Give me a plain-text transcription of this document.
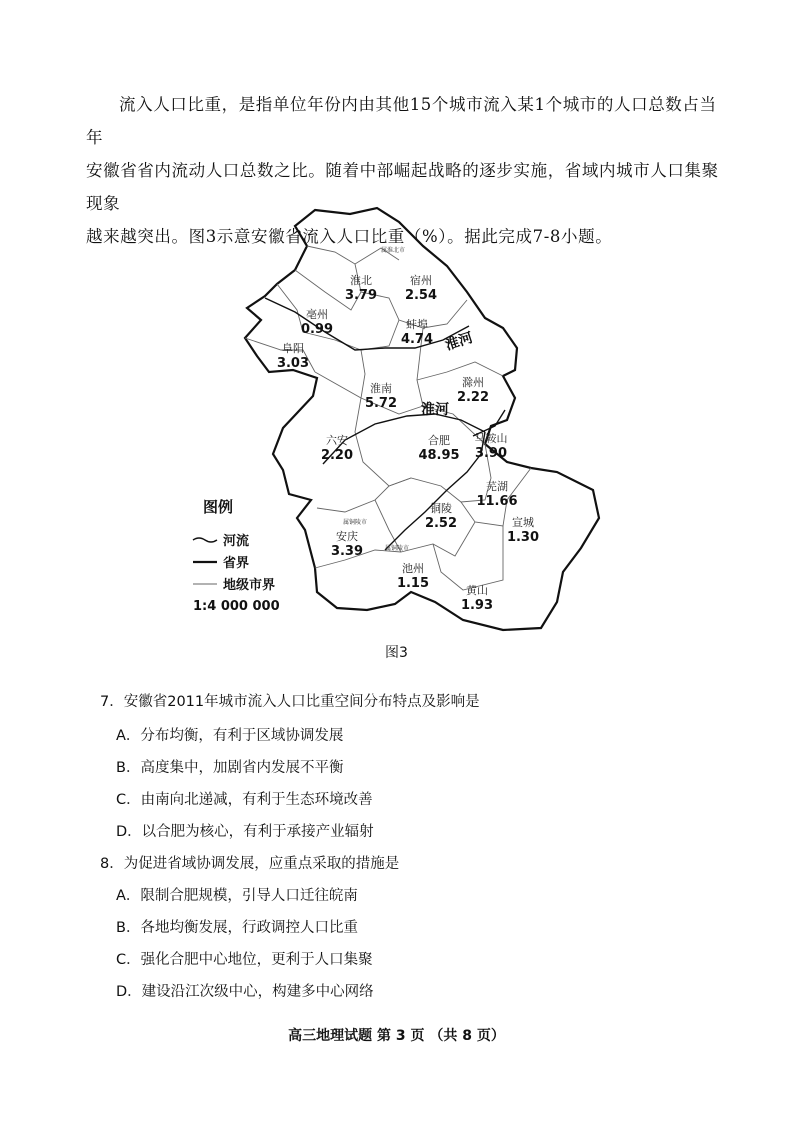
流入人口比重，是指单位年份内由其他15个城市流入某1个城市的人口总数占当年
安徽省省内流动人口总数之比。随着中部崛起战略的逐步实施，省域内城市人口集聚现象
越来越突出。图3示意安徽省流入人口比重（%）。据此完成7-8小题。
淮北
3.79
宿州
2.54
亳州
0.99	蚌埠
4.74
阜阳
3.03
淮南
5.72
滁州
2.22
六安
2.20
合肥
48.95
马鞍山
3.90
芜湖
11.66
铜陵
2.52	宣城
1.30
安庆
3.39
池州
1.15	黄山
1.93
淮河
淮河
属淮北市
属铜陵市
属铜陵市
图例
河流
省界
地级市界
1:4 000 000
图3
7．安徽省2011年城市流入人口比重空间分布特点及影响是
A．分布均衡，有利于区域协调发展
B．高度集中，加剧省内发展不平衡
C．由南向北递减，有利于生态环境改善
D．以合肥为核心，有利于承接产业辐射
8．为促进省域协调发展，应重点采取的措施是
A．限制合肥规模，引导人口迁往皖南
B．各地均衡发展，行政调控人口比重
C．强化合肥中心地位，更利于人口集聚
D．建设沿江次级中心，构建多中心网络
高三地理试题 第 3 页 （共 8 页）
